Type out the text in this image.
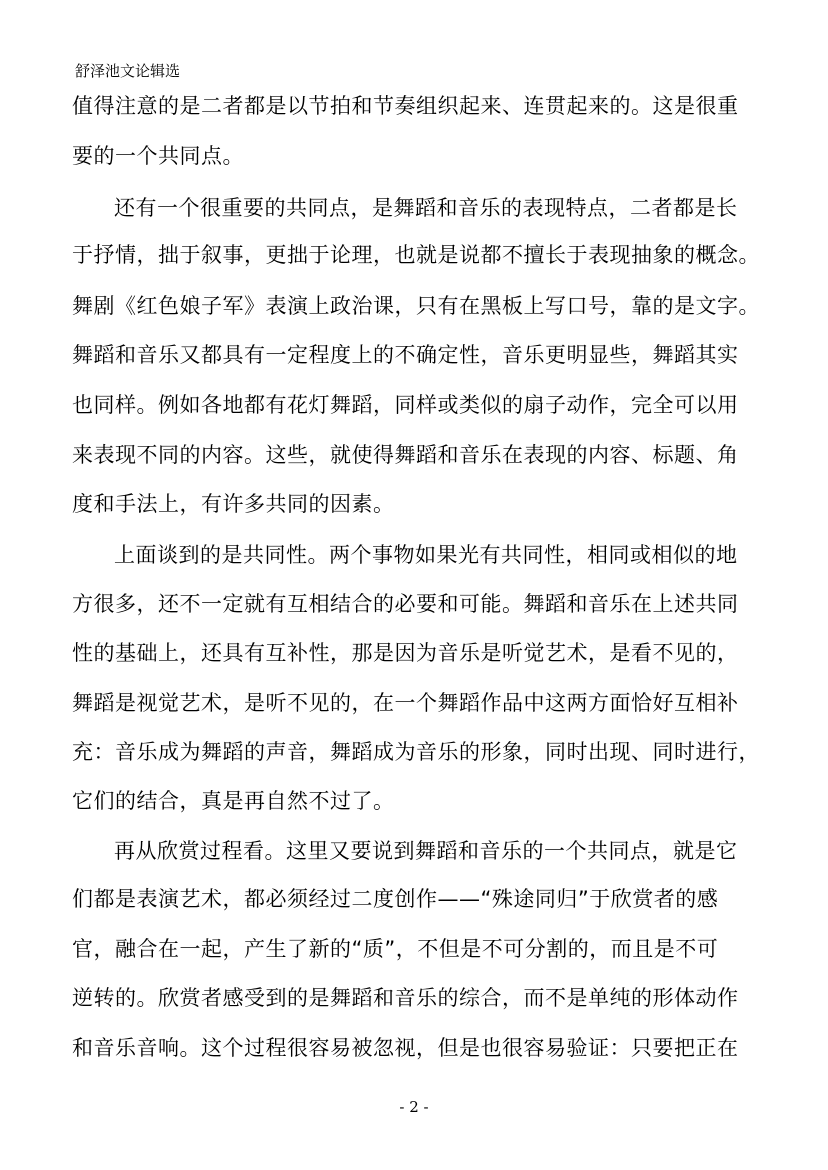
舒泽池文论辑选
值得注意的是二者都是以节拍和节奏组织起来、连贯起来的。这是很重
要的一个共同点。
还有一个很重要的共同点，是舞蹈和音乐的表现特点，二者都是长
于抒情，拙于叙事，更拙于论理，也就是说都不擅长于表现抽象的概念。
舞剧《红色娘子军》表演上政治课，只有在黑板上写口号，靠的是文字。
舞蹈和音乐又都具有一定程度上的不确定性，音乐更明显些，舞蹈其实
也同样。例如各地都有花灯舞蹈，同样或类似的扇子动作，完全可以用
来表现不同的内容。这些，就使得舞蹈和音乐在表现的内容、标题、角
度和手法上，有许多共同的因素。
上面谈到的是共同性。两个事物如果光有共同性，相同或相似的地
方很多，还不一定就有互相结合的必要和可能。舞蹈和音乐在上述共同
性的基础上，还具有互补性，那是因为音乐是听觉艺术，是看不见的，
舞蹈是视觉艺术，是听不见的，在一个舞蹈作品中这两方面恰好互相补
充：音乐成为舞蹈的声音，舞蹈成为音乐的形象，同时出现、同时进行，
它们的结合，真是再自然不过了。
再从欣赏过程看。这里又要说到舞蹈和音乐的一个共同点，就是它
们都是表演艺术，都必须经过二度创作——“殊途同归”于欣赏者的感
官，融合在一起，产生了新的“质”，不但是不可分割的，而且是不可
逆转的。欣赏者感受到的是舞蹈和音乐的综合，而不是单纯的形体动作
和音乐音响。这个过程很容易被忽视，但是也很容易验证：只要把正在
- 2 -
